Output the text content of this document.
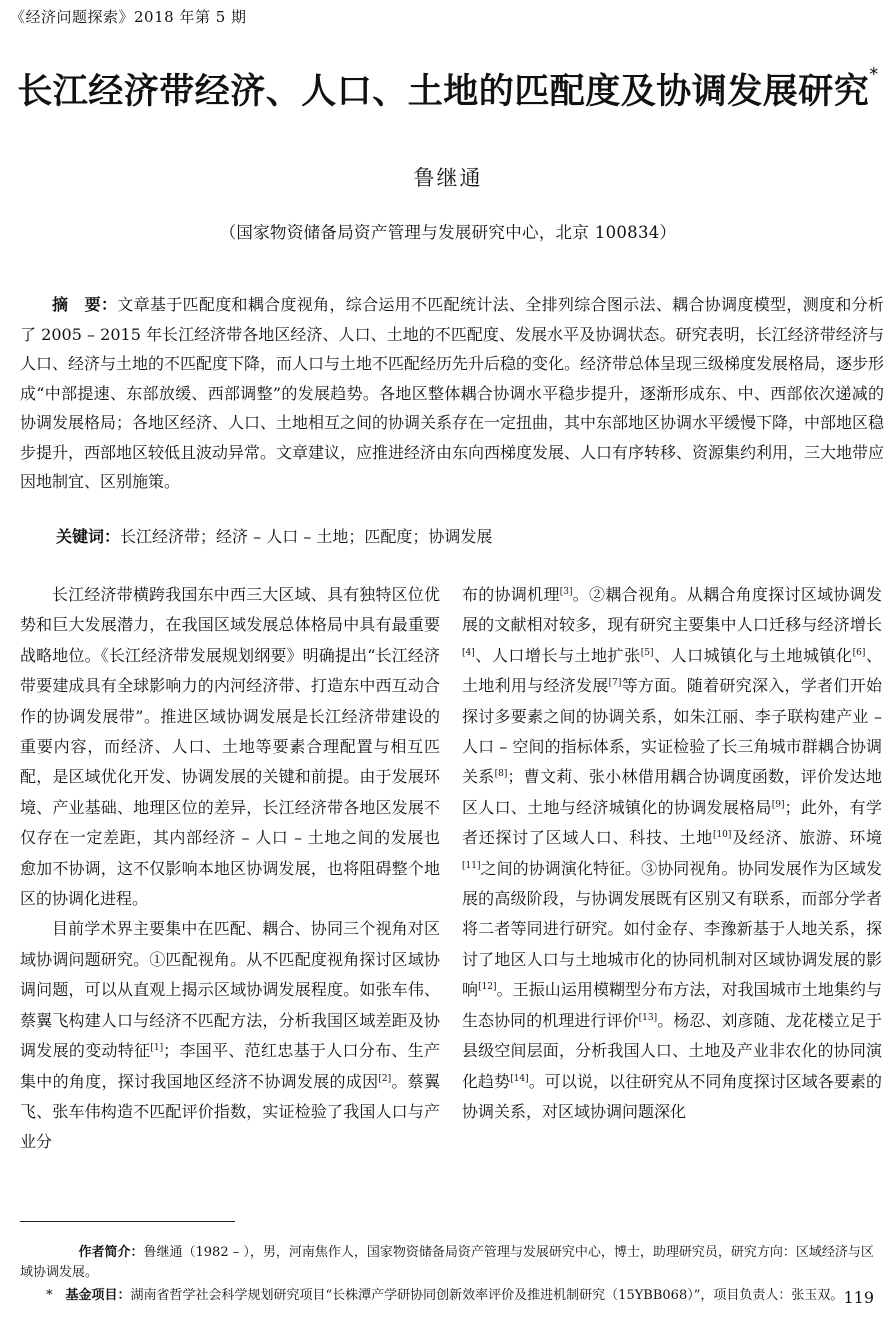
《经济问题探索》2018 年第 5 期
长江经济带经济、人口、土地的匹配度及协调发展研究*
鲁继通
（国家物资储备局资产管理与发展研究中心，北京 100834）

摘　要：文章基于匹配度和耦合度视角，综合运用不匹配统计法、全排列综合图示法、耦合协调度模型，测度和分析了 2005 – 2015 年长江经济带各地区经济、人口、土地的不匹配度、发展水平及协调状态。研究表明，长江经济带经济与人口、经济与土地的不匹配度下降，而人口与土地不匹配经历先升后稳的变化。经济带总体呈现三级梯度发展格局，逐步形成“中部提速、东部放缓、西部调整”的发展趋势。各地区整体耦合协调水平稳步提升，逐渐形成东、中、西部依次递减的协调发展格局；各地区经济、人口、土地相互之间的协调关系存在一定扭曲，其中东部地区协调水平缓慢下降，中部地区稳步提升，西部地区较低且波动异常。文章建议，应推进经济由东向西梯度发展、人口有序转移、资源集约利用，三大地带应因地制宜、区别施策。

关键词：长江经济带；经济 – 人口 – 土地；匹配度；协调发展

长江经济带横跨我国东中西三大区域、具有独特区位优势和巨大发展潜力，在我国区域发展总体格局中具有最重要战略地位。《长江经济带发展规划纲要》明确提出“长江经济带要建成具有全球影响力的内河经济带、打造东中西互动合作的协调发展带”。推进区域协调发展是长江经济带建设的重要内容，而经济、人口、土地等要素合理配置与相互匹配，是区域优化开发、协调发展的关键和前提。由于发展环境、产业基础、地理区位的差异，长江经济带各地区发展不仅存在一定差距，其内部经济 – 人口 – 土地之间的发展也愈加不协调，这不仅影响本地区协调发展，也将阻碍整个地区的协调化进程。

目前学术界主要集中在匹配、耦合、协同三个视角对区域协调问题研究。①匹配视角。从不匹配度视角探讨区域协调问题，可以从直观上揭示区域协调发展程度。如张车伟、蔡翼飞构建人口与经济不匹配方法，分析我国区域差距及协调发展的变动特征[1]；李国平、范红忠基于人口分布、生产集中的角度，探讨我国地区经济不协调发展的成因[2]。蔡翼飞、张车伟构造不匹配评价指数，实证检验了我国人口与产业分

布的协调机理[3]。②耦合视角。从耦合角度探讨区域协调发展的文献相对较多，现有研究主要集中人口迁移与经济增长[4]、人口增长与土地扩张[5]、人口城镇化与土地城镇化[6]、土地利用与经济发展[7]等方面。随着研究深入，学者们开始探讨多要素之间的协调关系，如朱江丽、李子联构建产业 – 人口 – 空间的指标体系，实证检验了长三角城市群耦合协调关系[8]；曹文莉、张小林借用耦合协调度函数，评价发达地区人口、土地与经济城镇化的协调发展格局[9]；此外，有学者还探讨了区域人口、科技、土地[10]及经济、旅游、环境[11]之间的协调演化特征。③协同视角。协同发展作为区域发展的高级阶段，与协调发展既有区别又有联系，而部分学者将二者等同进行研究。如付金存、李豫新基于人地关系，探讨了地区人口与土地城市化的协同机制对区域协调发展的影响[12]。王振山运用模糊型分布方法，对我国城市土地集约与生态协同的机理进行评价[13]。杨忍、刘彦随、龙花楼立足于县级空间层面，分析我国人口、土地及产业非农化的协同演化趋势[14]。可以说，以往研究从不同角度探讨区域各要素的协调关系，对区域协调问题深化

作者简介：鲁继通（1982 – ），男，河南焦作人，国家物资储备局资产管理与发展研究中心，博士，助理研究员，研究方向：区域经济与区域协调发展。

*　 基金项目：湖南省哲学社会科学规划研究项目“长株潭产学研协同创新效率评价及推进机制研究（15YBB068）”，项目负责人：张玉双。 119
